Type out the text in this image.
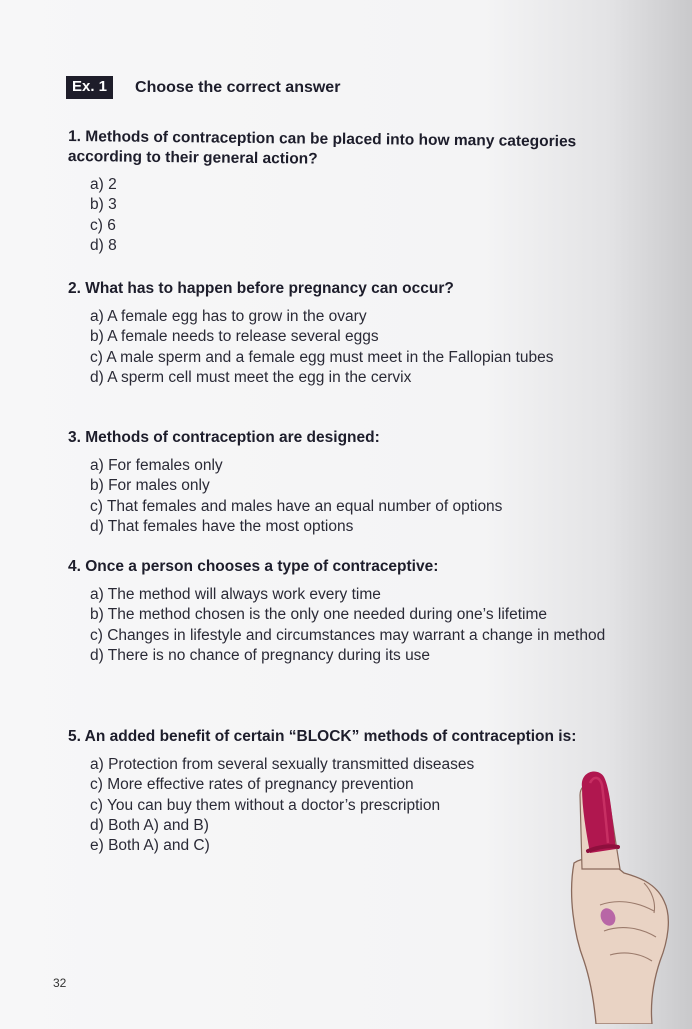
Ex. 1	Choose the correct answer

1. Methods of contraception can be placed into how many categories according to their general action?

a) 2
b) 3
c) 6
d) 8

2. What has to happen before pregnancy can occur?

a) A female egg has to grow in the ovary
b) A female needs to release several eggs
c) A male sperm and a female egg must meet in the Fallopian tubes
d) A sperm cell must meet the egg in the cervix

3. Methods of contraception are designed:

a) For females only
b) For males only
c) That females and males have an equal number of options
d) That females have the most options

4. Once a person chooses a type of contraceptive:

a) The method will always work every time
b) The method chosen is the only one needed during one’s lifetime
c) Changes in lifestyle and circumstances may warrant a change in method
d) There is no chance of pregnancy during its use

5. An added benefit of certain “BLOCK” methods of contraception is:

a) Protection from several sexually transmitted diseases
c) More effective rates of pregnancy prevention
c) You can buy them without a doctor’s prescription
d) Both A) and B)
e) Both A) and C)
32
